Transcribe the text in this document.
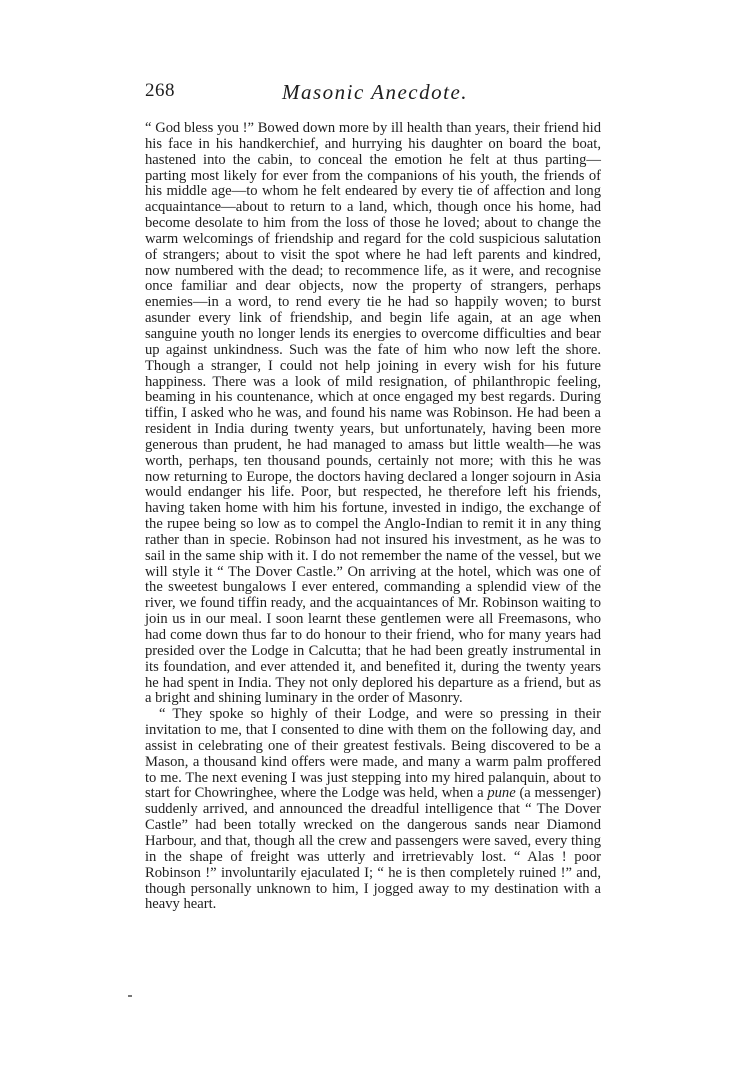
268	Masonic Anecdote.

“ God bless you !” Bowed down more by ill health than years, their friend hid his face in his handkerchief, and hurrying his daughter on board the boat, hastened into the cabin, to conceal the emotion he felt at thus parting—parting most likely for ever from the companions of his youth, the friends of his middle age—to whom he felt endeared by every tie of affection and long acquaintance—about to return to a land, which, though once his home, had become desolate to him from the loss of those he loved; about to change the warm welcomings of friendship and regard for the cold suspicious salutation of strangers; about to visit the spot where he had left parents and kindred, now numbered with the dead; to recommence life, as it were, and recognise once familiar and dear objects, now the property of strangers, perhaps enemies—in a word, to rend every tie he had so happily woven; to burst asunder every link of friendship, and begin life again, at an age when sanguine youth no longer lends its energies to overcome difficulties and bear up against unkindness. Such was the fate of him who now left the shore. Though a stranger, I could not help joining in every wish for his future happiness. There was a look of mild resignation, of philanthropic feeling, beaming in his countenance, which at once engaged my best regards. During tiffin, I asked who he was, and found his name was Robinson. He had been a resident in India during twenty years, but unfortunately, having been more generous than prudent, he had managed to amass but little wealth—he was worth, perhaps, ten thousand pounds, certainly not more; with this he was now returning to Europe, the doctors having declared a longer sojourn in Asia would endanger his life. Poor, but respected, he therefore left his friends, having taken home with him his fortune, invested in indigo, the exchange of the rupee being so low as to compel the Anglo-Indian to remit it in any thing rather than in specie. Robinson had not insured his investment, as he was to sail in the same ship with it. I do not remember the name of the vessel, but we will style it “ The Dover Castle.” On arriving at the hotel, which was one of the sweetest bungalows I ever entered, commanding a splendid view of the river, we found tiffin ready, and the acquaintances of Mr. Robinson waiting to join us in our meal. I soon learnt these gentlemen were all Freemasons, who had come down thus far to do honour to their friend, who for many years had presided over the Lodge in Calcutta; that he had been greatly instrumental in its foundation, and ever attended it, and benefited it, during the twenty years he had spent in India. They not only deplored his departure as a friend, but as a bright and shining luminary in the order of Masonry.

“ They spoke so highly of their Lodge, and were so pressing in their invitation to me, that I consented to dine with them on the following day, and assist in celebrating one of their greatest festivals. Being discovered to be a Mason, a thousand kind offers were made, and many a warm palm proffered to me. The next evening I was just stepping into my hired palanquin, about to start for Chowringhee, where the Lodge was held, when a pune (a messenger) suddenly arrived, and announced the dreadful intelligence that “ The Dover Castle” had been totally wrecked on the dangerous sands near Diamond Harbour, and that, though all the crew and passengers were saved, every thing in the shape of freight was utterly and irretrievably lost. “ Alas ! poor Robinson !” involuntarily ejaculated I; “ he is then completely ruined !” and, though personally unknown to him, I jogged away to my destination with a heavy heart.
